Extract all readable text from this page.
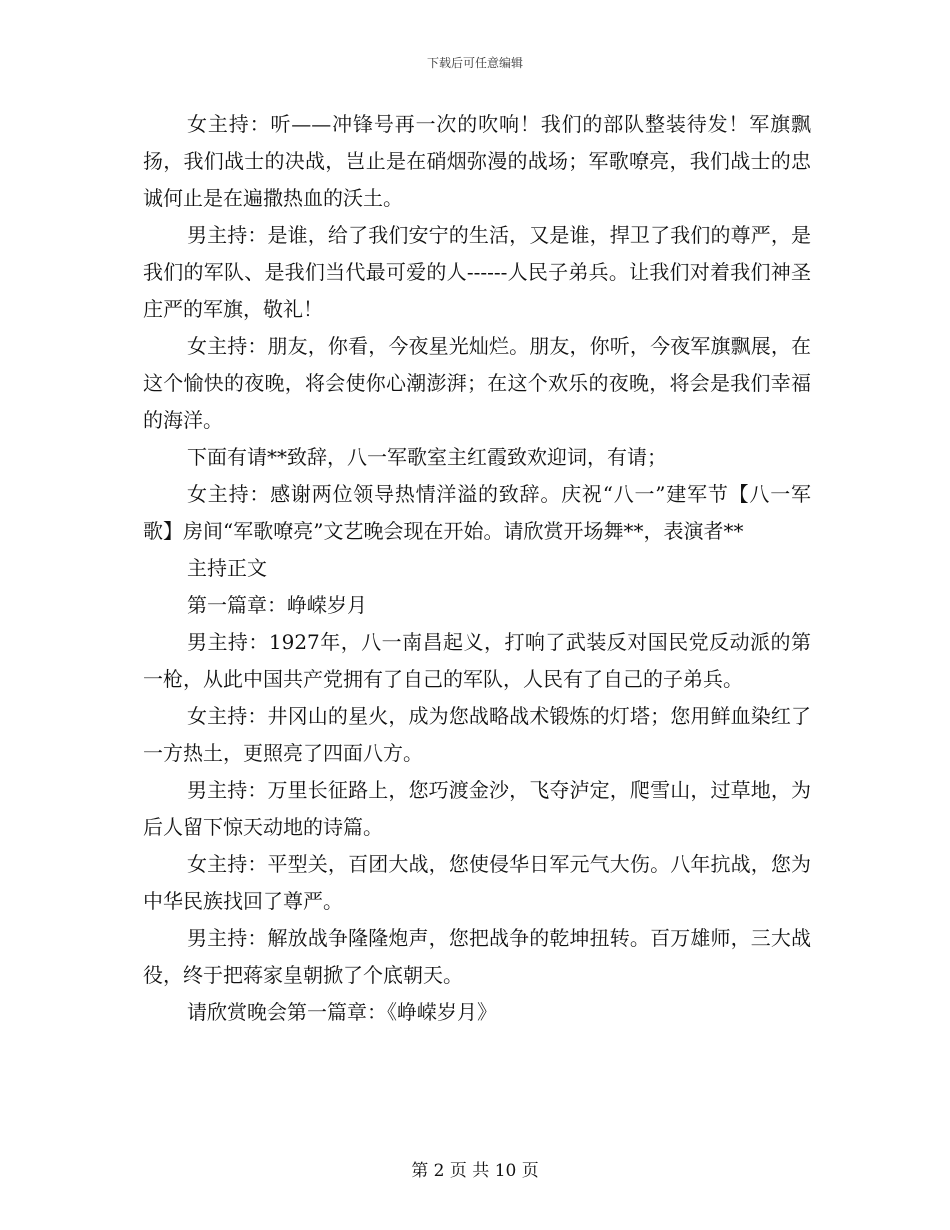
下载后可任意编辑

女主持：听——冲锋号再一次的吹响！我们的部队整装待发！军旗飘扬，我们战士的决战，岂止是在硝烟弥漫的战场；军歌嘹亮，我们战士的忠诚何止是在遍撒热血的沃土。

男主持：是谁，给了我们安宁的生活，又是谁，捍卫了我们的尊严，是我们的军队、是我们当代最可爱的人------人民子弟兵。让我们对着我们神圣庄严的军旗，敬礼！

女主持：朋友，你看，今夜星光灿烂。朋友，你听，今夜军旗飘展，在这个愉快的夜晚，将会使你心潮澎湃；在这个欢乐的夜晚，将会是我们幸福的海洋。

下面有请**致辞，八一军歌室主红霞致欢迎词，有请；

女主持：感谢两位领导热情洋溢的致辞。庆祝“八一”建军节【八一军歌】房间“军歌嘹亮”文艺晚会现在开始。请欣赏开场舞**，表演者**

主持正文

第一篇章：峥嵘岁月

男主持：1927年，八一南昌起义，打响了武装反对国民党反动派的第一枪，从此中国共产党拥有了自己的军队，人民有了自己的子弟兵。

女主持：井冈山的星火，成为您战略战术锻炼的灯塔；您用鲜血染红了一方热土，更照亮了四面八方。

男主持：万里长征路上，您巧渡金沙，飞夺泸定，爬雪山，过草地，为后人留下惊天动地的诗篇。

女主持：平型关，百团大战，您使侵华日军元气大伤。八年抗战，您为中华民族找回了尊严。

男主持：解放战争隆隆炮声，您把战争的乾坤扭转。百万雄师，三大战役，终于把蒋家皇朝掀了个底朝天。

请欣赏晚会第一篇章：《峥嵘岁月》

第 2 页 共 10 页
